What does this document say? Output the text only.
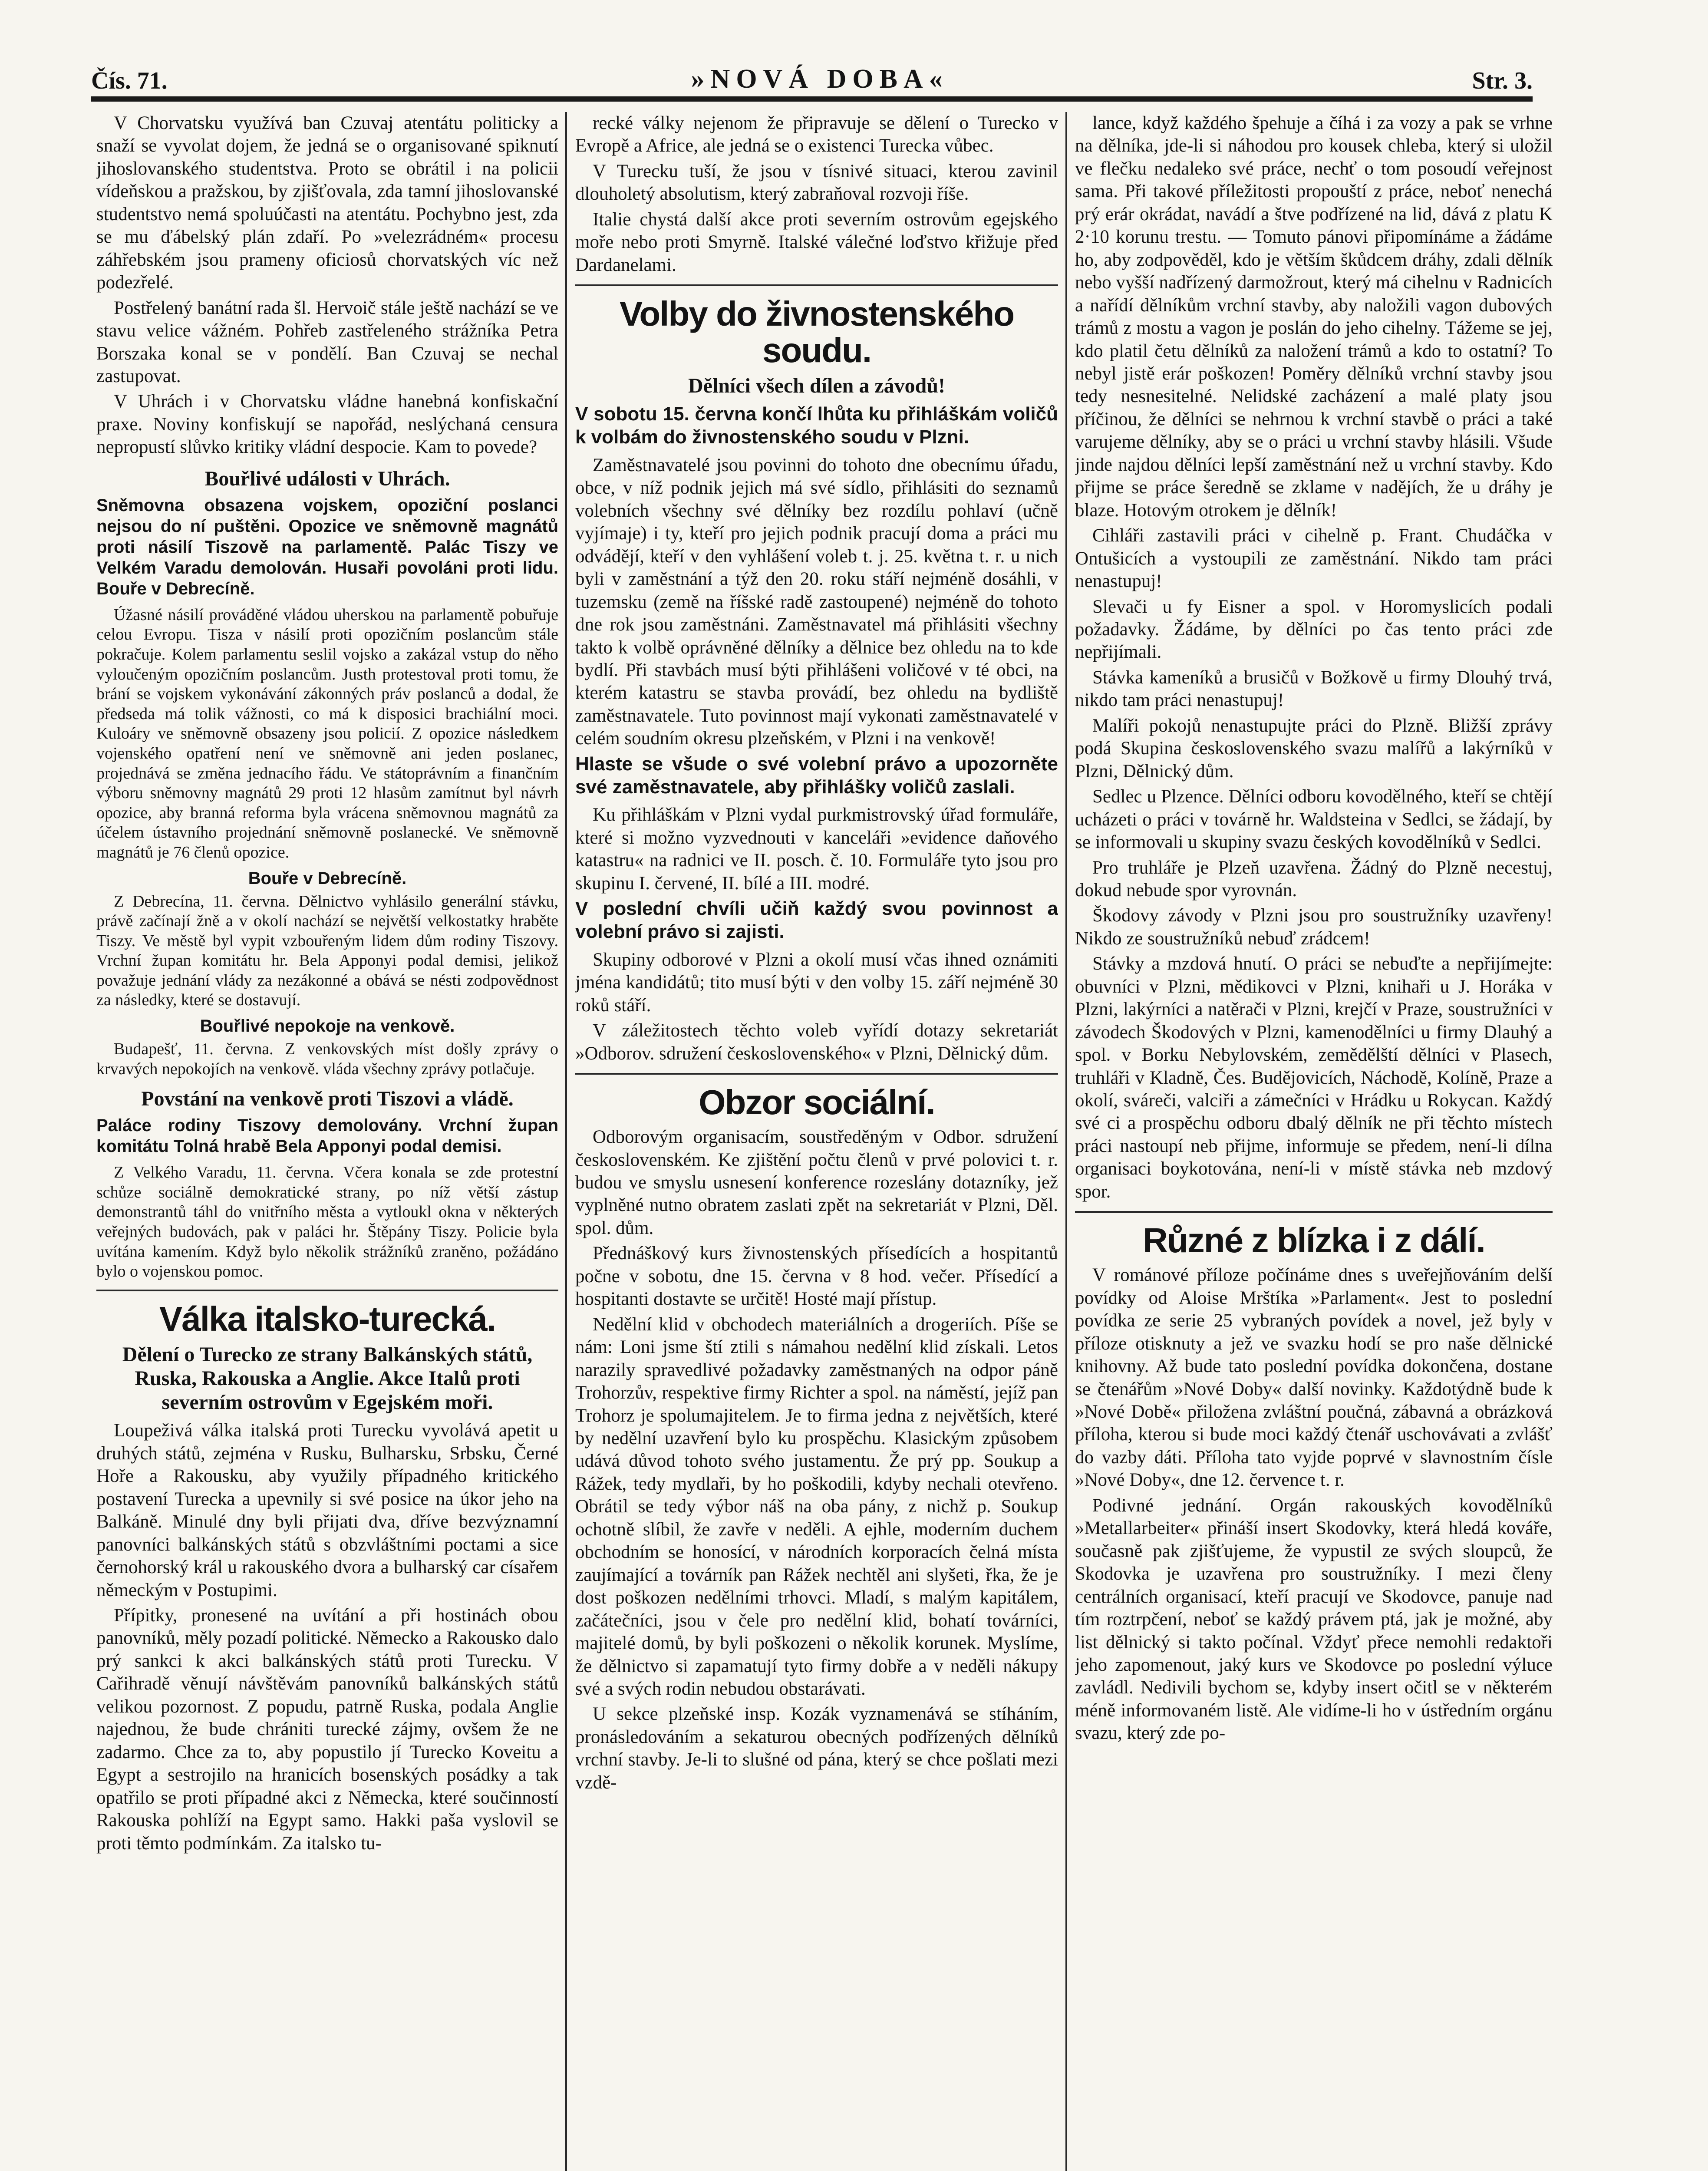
Čís. 71.	»NOVÁ DOBA«	Str. 3.

V Chorvatsku využívá ban Czuvaj atentátu politicky a snaží se vyvolat dojem, že jedná se o organisované spiknutí jihoslovanského studentstva. Proto se obrátil i na policii vídeňskou a pražskou, by zjišťovala, zda tamní jihoslovanské studentstvo nemá spoluúčasti na atentátu. Pochybno jest, zda se mu ďábelský plán zdaří. Po »velezrádném« procesu záhřebském jsou prameny oficiosů chorvatských víc než podezřelé.

Postřelený banátní rada šl. Hervoič stále ještě nachází se ve stavu velice vážném. Pohřeb zastřeleného strážníka Petra Borszaka konal se v pondělí. Ban Czuvaj se nechal zastupovat.

V Uhrách i v Chorvatsku vládne hanebná konfiskační praxe. Noviny konfiskují se napořád, neslýchaná censura nepropustí slůvko kritiky vládní despocie. Kam to povede?

Bouřlivé události v Uhrách.
Sněmovna obsazena vojskem, opoziční poslanci nejsou do ní puštěni. Opozice ve sněmovně magnátů proti násilí Tiszově na parlamentě. Palác Tiszy ve Velkém Varadu demolován. Husaři povoláni proti lidu. Bouře v Debrecíně.

Úžasné násilí prováděné vládou uherskou na parlamentě pobuřuje celou Evropu. Tisza v násilí proti opozičním poslancům stále pokračuje. Kolem parlamentu seslil vojsko a zakázal vstup do něho vyloučeným opozičním poslancům. Justh protestoval proti tomu, že brání se vojskem vykonávání zákonných práv poslanců a dodal, že předseda má tolik vážnosti, co má k disposici brachiální moci. Kuloáry ve sněmovně obsazeny jsou policií. Z opozice následkem vojenského opatření není ve sněmovně ani jeden poslanec, projednává se změna jednacího řádu. Ve státoprávním a finančním výboru sněmovny magnátů 29 proti 12 hlasům zamítnut byl návrh opozice, aby branná reforma byla vrácena sněmovnou magnátů za účelem ústavního projednání sněmovně poslanecké. Ve sněmovně magnátů je 76 členů opozice.

Bouře v Debrecíně.

Z Debrecína, 11. června. Dělnictvo vyhlásilo generální stávku, právě začínají žně a v okolí nachází se největší velkostatky hraběte Tiszy. Ve městě byl vypit vzbouřeným lidem dům rodiny Tiszovy. Vrchní župan komitátu hr. Bela Apponyi podal demisi, jelikož považuje jednání vlády za nezákonné a obává se nésti zodpovědnost za následky, které se dostavují.

Bouřlivé nepokoje na venkově.

Budapešť, 11. června. Z venkovských míst došly zprávy o krvavých nepokojích na venkově. vláda všechny zprávy potlačuje.

Povstání na venkově proti Tiszovi a vládě.
Paláce rodiny Tiszovy demolovány. Vrchní župan komitátu Tolná hrabě Bela Apponyi podal demisi.

Z Velkého Varadu, 11. června. Včera konala se zde protestní schůze sociálně demokratické strany, po níž větší zástup demonstrantů táhl do vnitřního města a vytloukl okna v některých veřejných budovách, pak v paláci hr. Štěpány Tiszy. Policie byla uvítána kamením. Když bylo několik strážníků zraněno, požádáno bylo o vojenskou pomoc.

Válka italsko-turecká.
Dělení o Turecko ze strany Balkánských států, Ruska, Rakouska a Anglie. Akce Italů proti severním ostrovům v Egejském moři.

Loupeživá válka italská proti Turecku vyvolává apetit u druhých států, zejména v Rusku, Bulharsku, Srbsku, Černé Hoře a Rakousku, aby využily případného kritického postavení Turecka a upevnily si své posice na úkor jeho na Balkáně. Minulé dny byli přijati dva, dříve bezvýznamní panovníci balkánských států s obzvláštními poctami a sice černohorský král u rakouského dvora a bulharský car císařem německým v Postupimi.

Přípitky, pronesené na uvítání a při hostinách obou panovníků, měly pozadí politické. Německo a Rakousko dalo prý sankci k akci balkánských států proti Turecku. V Cařihradě věnují návštěvám panovníků balkánských států velikou pozornost. Z popudu, patrně Ruska, podala Anglie najednou, že bude chrániti turecké zájmy, ovšem že ne zadarmo. Chce za to, aby popustilo jí Turecko Koveitu a Egypt a sestrojilo na hranicích bosenských posádky a tak opatřilo se proti případné akci z Německa, které součinností Rakouska pohlíží na Egypt samo. Hakki paša vyslovil se proti těmto podmínkám. Za italsko tu-

recké války nejenom že připravuje se dělení o Turecko v Evropě a Africe, ale jedná se o existenci Turecka vůbec.

V Turecku tuší, že jsou v tísnivé situaci, kterou zavinil dlouholetý absolutism, který zabraňoval rozvoji říše.

Italie chystá další akce proti severním ostrovům egejského moře nebo proti Smyrně. Italské válečné loďstvo křižuje před Dardanelami.

Volby do živnostenského soudu.
Dělníci všech dílen a závodů!
V sobotu 15. června končí lhůta ku přihláškám voličů k volbám do živnostenského soudu v Plzni.

Zaměstnavatelé jsou povinni do tohoto dne obecnímu úřadu, obce, v níž podnik jejich má své sídlo, přihlásiti do seznamů volebních všechny své dělníky bez rozdílu pohlaví (učně vyjímaje) i ty, kteří pro jejich podnik pracují doma a práci mu odvádějí, kteří v den vyhlášení voleb t. j. 25. května t. r. u nich byli v zaměstnání a týž den 20. roku stáří nejméně dosáhli, v tuzemsku (země na říšské radě zastoupené) nejméně do tohoto dne rok jsou zaměstnáni. Zaměstnavatel má přihlásiti všechny takto k volbě oprávněné dělníky a dělnice bez ohledu na to kde bydlí. Při stavbách musí býti přihlášeni voličové v té obci, na kterém katastru se stavba provádí, bez ohledu na bydliště zaměstnavatele. Tuto povinnost mají vykonati zaměstnavatelé v celém soudním okresu plzeňském, v Plzni i na venkově!

Hlaste se všude o své volební právo a upozorněte své zaměstnavatele, aby přihlášky voličů zaslali.

Ku přihláškám v Plzni vydal purkmistrovský úřad formuláře, které si možno vyzvednouti v kanceláři »evidence daňového katastru« na radnici ve II. posch. č. 10. Formuláře tyto jsou pro skupinu I. červené, II. bílé a III. modré.

V poslední chvíli učiň každý svou povinnost a volební právo si zajisti.

Skupiny odborové v Plzni a okolí musí včas ihned oznámiti jména kandidátů; tito musí býti v den volby 15. září nejméně 30 roků stáří.

V záležitostech těchto voleb vyřídí dotazy sekretariát »Odborov. sdružení československého« v Plzni, Dělnický dům.

Obzor sociální.

Odborovým organisacím, soustředěným v Odbor. sdružení československém. Ke zjištění počtu členů v prvé polovici t. r. budou ve smyslu usnesení konference rozeslány dotazníky, jež vyplněné nutno obratem zaslati zpět na sekretariát v Plzni, Děl. spol. dům.

Přednáškový kurs živnostenských přísedících a hospitantů počne v sobotu, dne 15. června v 8 hod. večer. Přísedící a hospitanti dostavte se určitě! Hosté mají přístup.

Nedělní klid v obchodech materiálních a drogeriích. Píše se nám: Loni jsme ští ztili s námahou nedělní klid získali. Letos narazily spravedlivé požadavky zaměstnaných na odpor páně Trohorzův, respektive firmy Richter a spol. na náměstí, jejíž pan Trohorz je spolumajitelem. Je to firma jedna z největších, které by nedělní uzavření bylo ku prospěchu. Klasickým způsobem udává důvod tohoto svého justamentu. Že prý pp. Soukup a Rážek, tedy mydlaři, by ho poškodili, kdyby nechali otevřeno. Obrátil se tedy výbor náš na oba pány, z nichž p. Soukup ochotně slíbil, že zavře v neděli. A ejhle, moderním duchem obchodním se honosící, v národních korporacích čelná místa zaujímající a továrník pan Rážek nechtěl ani slyšeti, řka, že je dost poškozen nedělními trhovci. Mladí, s malým kapitálem, začátečníci, jsou v čele pro nedělní klid, bohatí továrníci, majitelé domů, by byli poškozeni o několik korunek. Myslíme, že dělnictvo si zapamatují tyto firmy dobře a v neděli nákupy své a svých rodin nebudou obstarávati.

U sekce plzeňské insp. Kozák vyznamenává se stíháním, pronásledováním a sekaturou obecných podřízených dělníků vrchní stavby. Je-li to slušné od pána, který se chce pošlati mezi vzdě-

lance, když každého špehuje a číhá i za vozy a pak se vrhne na dělníka, jde-li si náhodou pro kousek chleba, který si uložil ve flečku nedaleko své práce, nechť o tom posoudí veřejnost sama. Při takové příležitosti propouští z práce, neboť nenechá prý erár okrádat, navádí a štve podřízené na lid, dává z platu K 2·10 korunu trestu. — Tomuto pánovi připomínáme a žádáme ho, aby zodpověděl, kdo je větším škůdcem dráhy, zdali dělník nebo vyšší nadřízený darmožrout, který má cihelnu v Radnicích a nařídí dělníkům vrchní stavby, aby naložili vagon dubových trámů z mostu a vagon je poslán do jeho cihelny. Tážeme se jej, kdo platil četu dělníků za naložení trámů a kdo to ostatní? To nebyl jistě erár poškozen! Poměry dělníků vrchní stavby jsou tedy nesnesitelné. Nelidské zacházení a malé platy jsou příčinou, že dělníci se nehrnou k vrchní stavbě o práci a také varujeme dělníky, aby se o práci u vrchní stavby hlásili. Všude jinde najdou dělníci lepší zaměstnání než u vrchní stavby. Kdo přijme se práce šeredně se zklame v nadějích, že u dráhy je blaze. Hotovým otrokem je dělník!

Cihláři zastavili práci v cihelně p. Frant. Chudáčka v Ontušicích a vystoupili ze zaměstnání. Nikdo tam práci nenastupuj!

Slevači u fy Eisner a spol. v Horomyslicích podali požadavky. Žádáme, by dělníci po čas tento práci zde nepřijímali.

Stávka kameníků a brusičů v Božkově u firmy Dlouhý trvá, nikdo tam práci nenastupuj!

Malíři pokojů nenastupujte práci do Plzně. Bližší zprávy podá Skupina československého svazu malířů a lakýrníků v Plzni, Dělnický dům.

Sedlec u Plzence. Dělníci odboru kovodělného, kteří se chtějí ucházeti o práci v továrně hr. Waldsteina v Sedlci, se žádají, by se informovali u skupiny svazu českých kovodělníků v Sedlci.

Pro truhláře je Plzeň uzavřena. Žádný do Plzně necestuj, dokud nebude spor vyrovnán.

Škodovy závody v Plzni jsou pro soustružníky uzavřeny! Nikdo ze soustružníků nebuď zrádcem!

Stávky a mzdová hnutí. O práci se nebuďte a nepřijímejte: obuvníci v Plzni, mědikovci v Plzni, knihaři u J. Horáka v Plzni, lakýrníci a natěrači v Plzni, krejčí v Praze, soustružníci v závodech Škodových v Plzni, kamenodělníci u firmy Dlauhý a spol. v Borku Nebylovském, zemědělští dělníci v Plasech, truhláři v Kladně, Čes. Budějovicích, Náchodě, Kolíně, Praze a okolí, sváreči, valciři a zámečníci v Hrádku u Rokycan. Každý své ci a prospěchu odboru dbalý dělník ne při těchto místech práci nastoupí neb přijme, informuje se předem, není-li dílna organisaci boykotována, není-li v místě stávka neb mzdový spor.

Různé z blízka i z dálí.

V románové příloze počínáme dnes s uveřejňováním delší povídky od Aloise Mrštíka »Parlament«. Jest to poslední povídka ze serie 25 vybraných povídek a novel, jež byly v příloze otisknuty a jež ve svazku hodí se pro naše dělnické knihovny. Až bude tato poslední povídka dokončena, dostane se čtenářům »Nové Doby« další novinky. Každotýdně bude k »Nové Době« přiložena zvláštní poučná, zábavná a obrázková příloha, kterou si bude moci každý čtenář uschovávati a zvlášť do vazby dáti. Příloha tato vyjde poprvé v slavnostním čísle »Nové Doby«, dne 12. července t. r.

Podivné jednání. Orgán rakouských kovodělníků »Metallarbeiter« přináší insert Skodovky, která hledá kováře, současně pak zjišťujeme, že vypustil ze svých sloupců, že Skodovka je uzavřena pro soustružníky. I mezi členy centrálních organisací, kteří pracují ve Skodovce, panuje nad tím roztrpčení, neboť se každý právem ptá, jak je možné, aby list dělnický si takto počínal. Vždyť přece nemohli redaktoři jeho zapomenout, jaký kurs ve Skodovce po poslední výluce zavládl. Nedivili bychom se, kdyby insert očitl se v některém méně informovaném listě. Ale vidíme-li ho v ústředním orgánu svazu, který zde po-
